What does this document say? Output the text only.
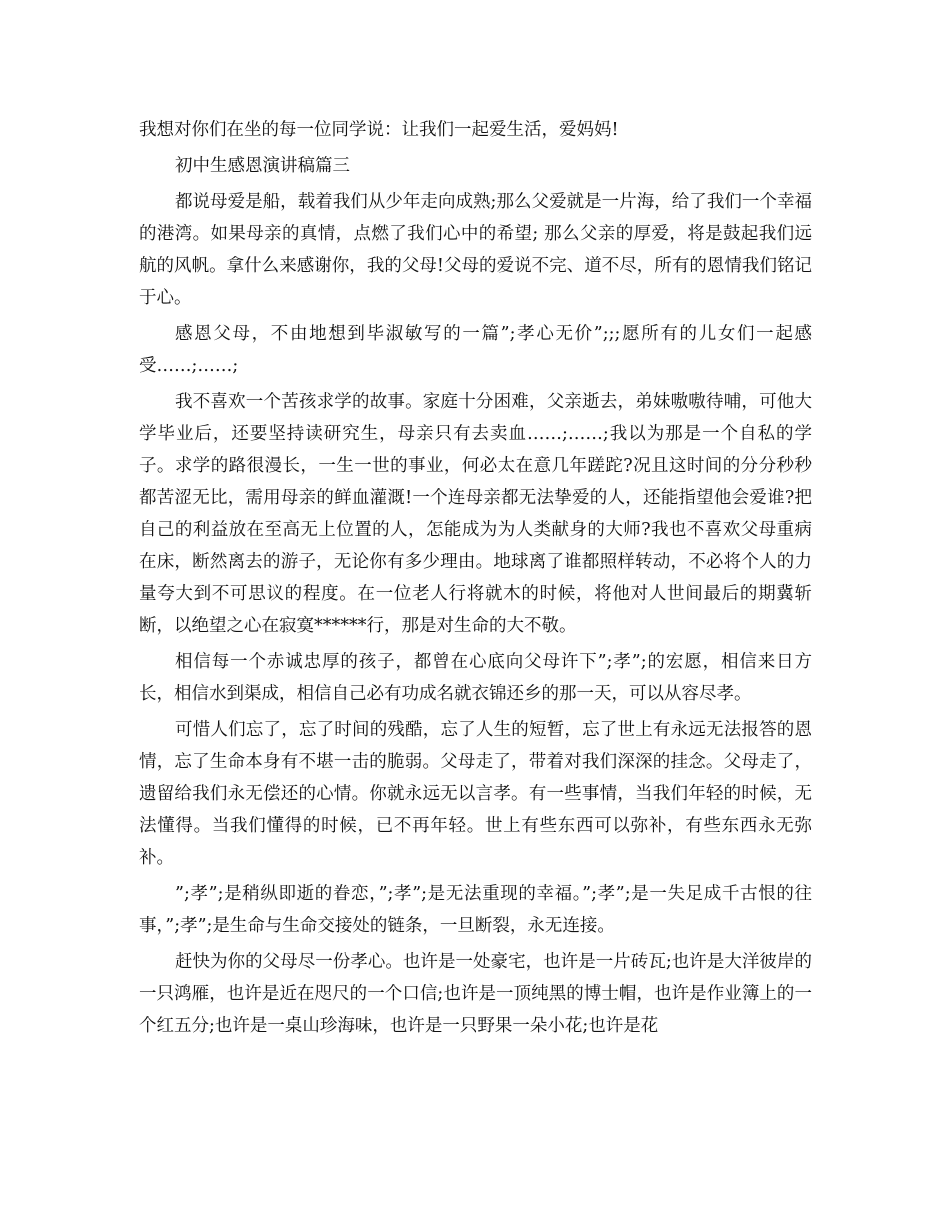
我想对你们在坐的每一位同学说：让我们一起爱生活，爱妈妈!

初中生感恩演讲稿篇三

都说母爱是船，载着我们从少年走向成熟;那么父爱就是一片海，给了我们一个幸福的港湾。如果母亲的真情，点燃了我们心中的希望; 那么父亲的厚爱，将是鼓起我们远航的风帆。拿什么来感谢你，我的父母!父母的爱说不完、道不尽，所有的恩情我们铭记于心。

感恩父母，不由地想到毕淑敏写的一篇”;孝心无价”;;;愿所有的儿女们一起感受……;……;

我不喜欢一个苦孩求学的故事。家庭十分困难，父亲逝去，弟妹嗷嗷待哺，可他大学毕业后，还要坚持读研究生，母亲只有去卖血……;……;我以为那是一个自私的学子。求学的路很漫长，一生一世的事业，何必太在意几年蹉跎?况且这时间的分分秒秒都苦涩无比，需用母亲的鲜血灌溉!一个连母亲都无法挚爱的人，还能指望他会爱谁?把自己的利益放在至高无上位置的人，怎能成为为人类献身的大师?我也不喜欢父母重病在床，断然离去的游子，无论你有多少理由。地球离了谁都照样转动，不必将个人的力量夸大到不可思议的程度。在一位老人行将就木的时候，将他对人世间最后的期冀斩断，以绝望之心在寂寞******行，那是对生命的大不敬。

相信每一个赤诚忠厚的孩子，都曾在心底向父母许下”;孝”;的宏愿，相信来日方长，相信水到渠成，相信自己必有功成名就衣锦还乡的那一天，可以从容尽孝。

可惜人们忘了，忘了时间的残酷，忘了人生的短暂，忘了世上有永远无法报答的恩情，忘了生命本身有不堪一击的脆弱。父母走了，带着对我们深深的挂念。父母走了，遗留给我们永无偿还的心情。你就永远无以言孝。有一些事情，当我们年轻的时候，无法懂得。当我们懂得的时候，已不再年轻。世上有些东西可以弥补，有些东西永无弥补。

”;孝”;是稍纵即逝的眷恋，”;孝”;是无法重现的幸福。”;孝”;是一失足成千古恨的往事，”;孝”;是生命与生命交接处的链条，一旦断裂，永无连接。

赶快为你的父母尽一份孝心。也许是一处豪宅，也许是一片砖瓦;也许是大洋彼岸的一只鸿雁，也许是近在咫尺的一个口信;也许是一顶纯黑的博士帽，也许是作业簿上的一个红五分;也许是一桌山珍海味，也许是一只野果一朵小花;也许是花
